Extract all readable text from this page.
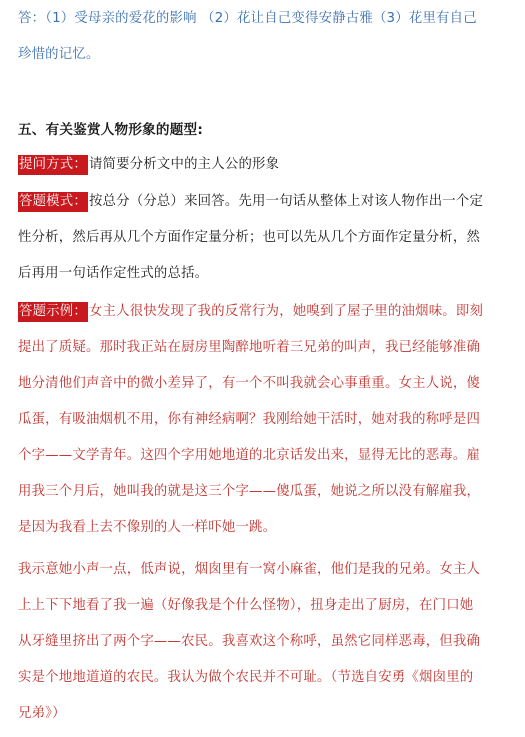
答：（1）受母亲的爱花的影响 （2）花让自己变得安静古雅（3）花里有自己
珍惜的记忆。
五、有关鉴赏人物形象的题型:
提问方式： 请简要分析文中的主人公的形象
答题模式： 按总分（分总）来回答。先用一句话从整体上对该人物作出一个定
性分析，然后再从几个方面作定量分析；也可以先从几个方面作定量分析，然
后再用一句话作定性式的总括。
答题示例： 女主人很快发现了我的反常行为，她嗅到了屋子里的油烟味。即刻
提出了质疑。那时我正站在厨房里陶醉地听着三兄弟的叫声，我已经能够准确
地分清他们声音中的微小差异了，有一个不叫我就会心事重重。女主人说，傻
瓜蛋，有吸油烟机不用，你有神经病啊？我刚给她干活时，她对我的称呼是四
个字——文学青年。这四个字用她地道的北京话发出来，显得无比的恶毒。雇
用我三个月后，她叫我的就是这三个字——傻瓜蛋，她说之所以没有解雇我，
是因为我看上去不像别的人一样吓她一跳。
我示意她小声一点，低声说，烟囱里有一窝小麻雀，他们是我的兄弟。女主人
上上下下地看了我一遍（好像我是个什么怪物），扭身走出了厨房，在门口她
从牙缝里挤出了两个字——农民。我喜欢这个称呼，虽然它同样恶毒，但我确
实是个地地道道的农民。我认为做个农民并不可耻。（节选自安勇《烟囱里的
兄弟》）
